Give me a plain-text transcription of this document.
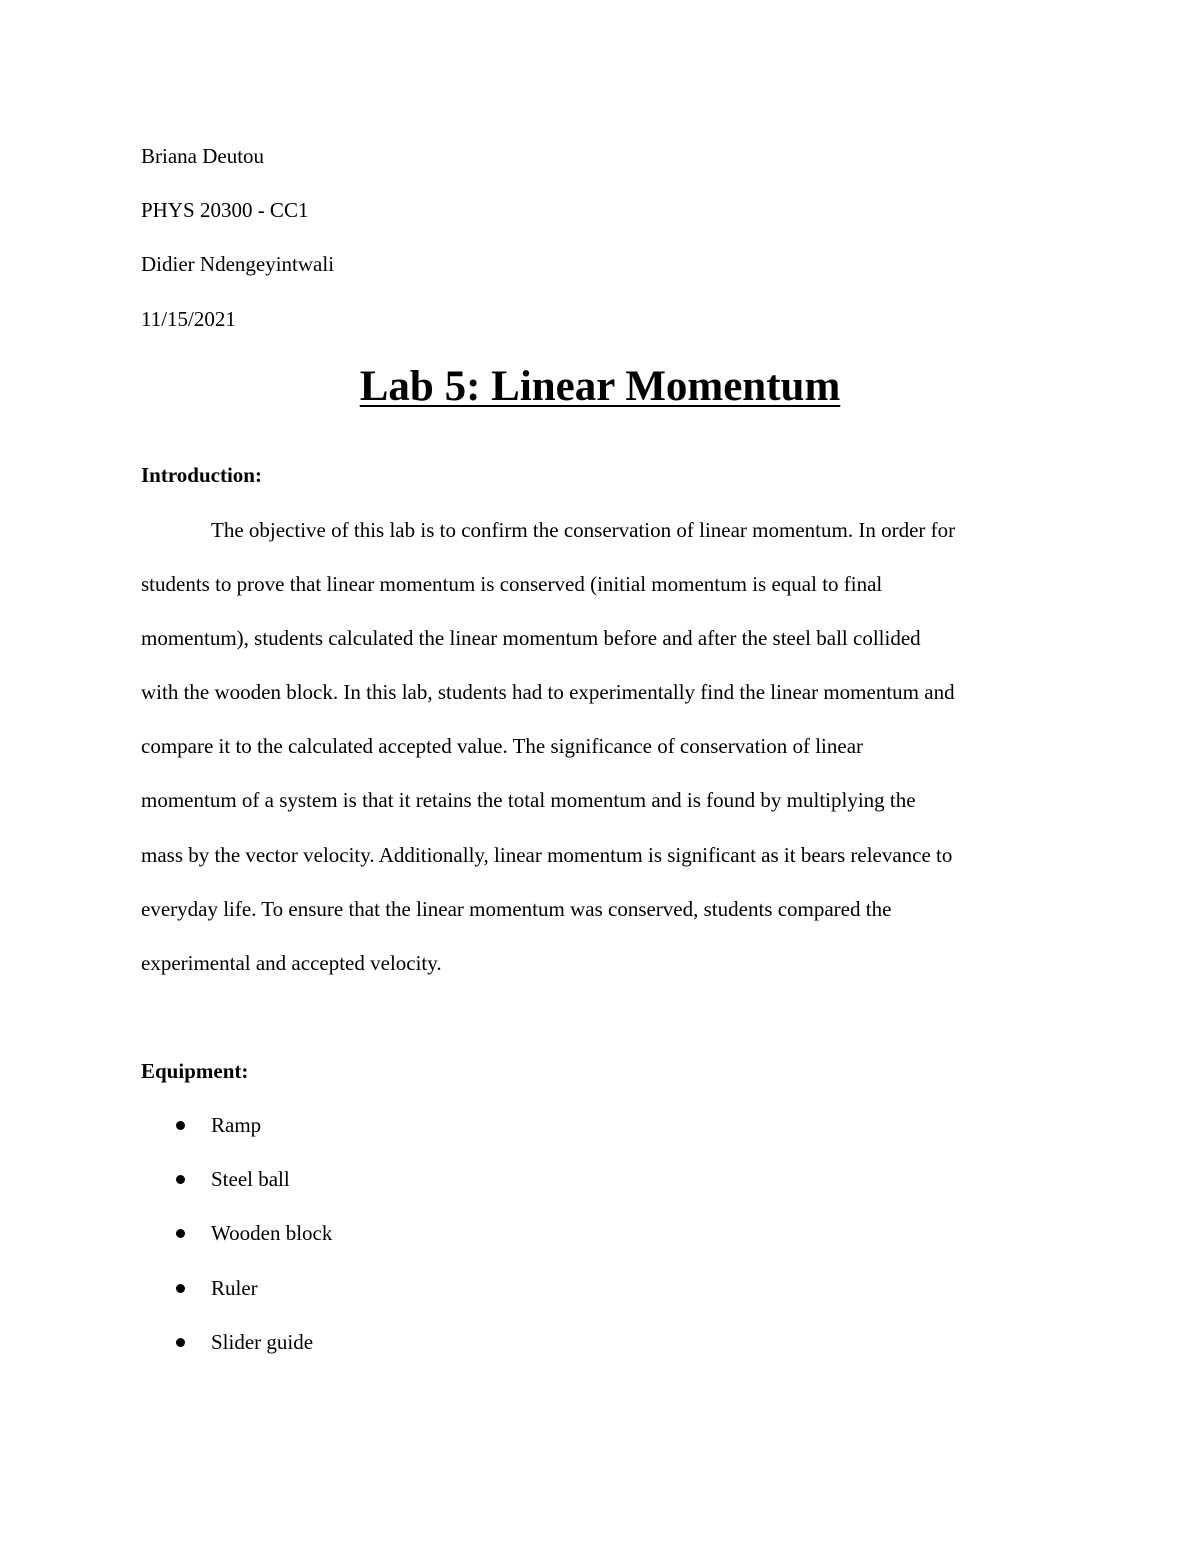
Briana Deutou
PHYS 20300 - CC1
Didier Ndengeyintwali
11/15/2021
Lab 5: Linear Momentum
Introduction:
The objective of this lab is to confirm the conservation of linear momentum. In order for
students to prove that linear momentum is conserved (initial momentum is equal to final
momentum), students calculated the linear momentum before and after the steel ball collided
with the wooden block. In this lab, students had to experimentally find the linear momentum and
compare it to the calculated accepted value. The significance of conservation of linear
momentum of a system is that it retains the total momentum and is found by multiplying the
mass by the vector velocity. Additionally, linear momentum is significant as it bears relevance to
everyday life. To ensure that the linear momentum was conserved, students compared the
experimental and accepted velocity.
Equipment:
Ramp
Steel ball
Wooden block
Ruler
Slider guide
